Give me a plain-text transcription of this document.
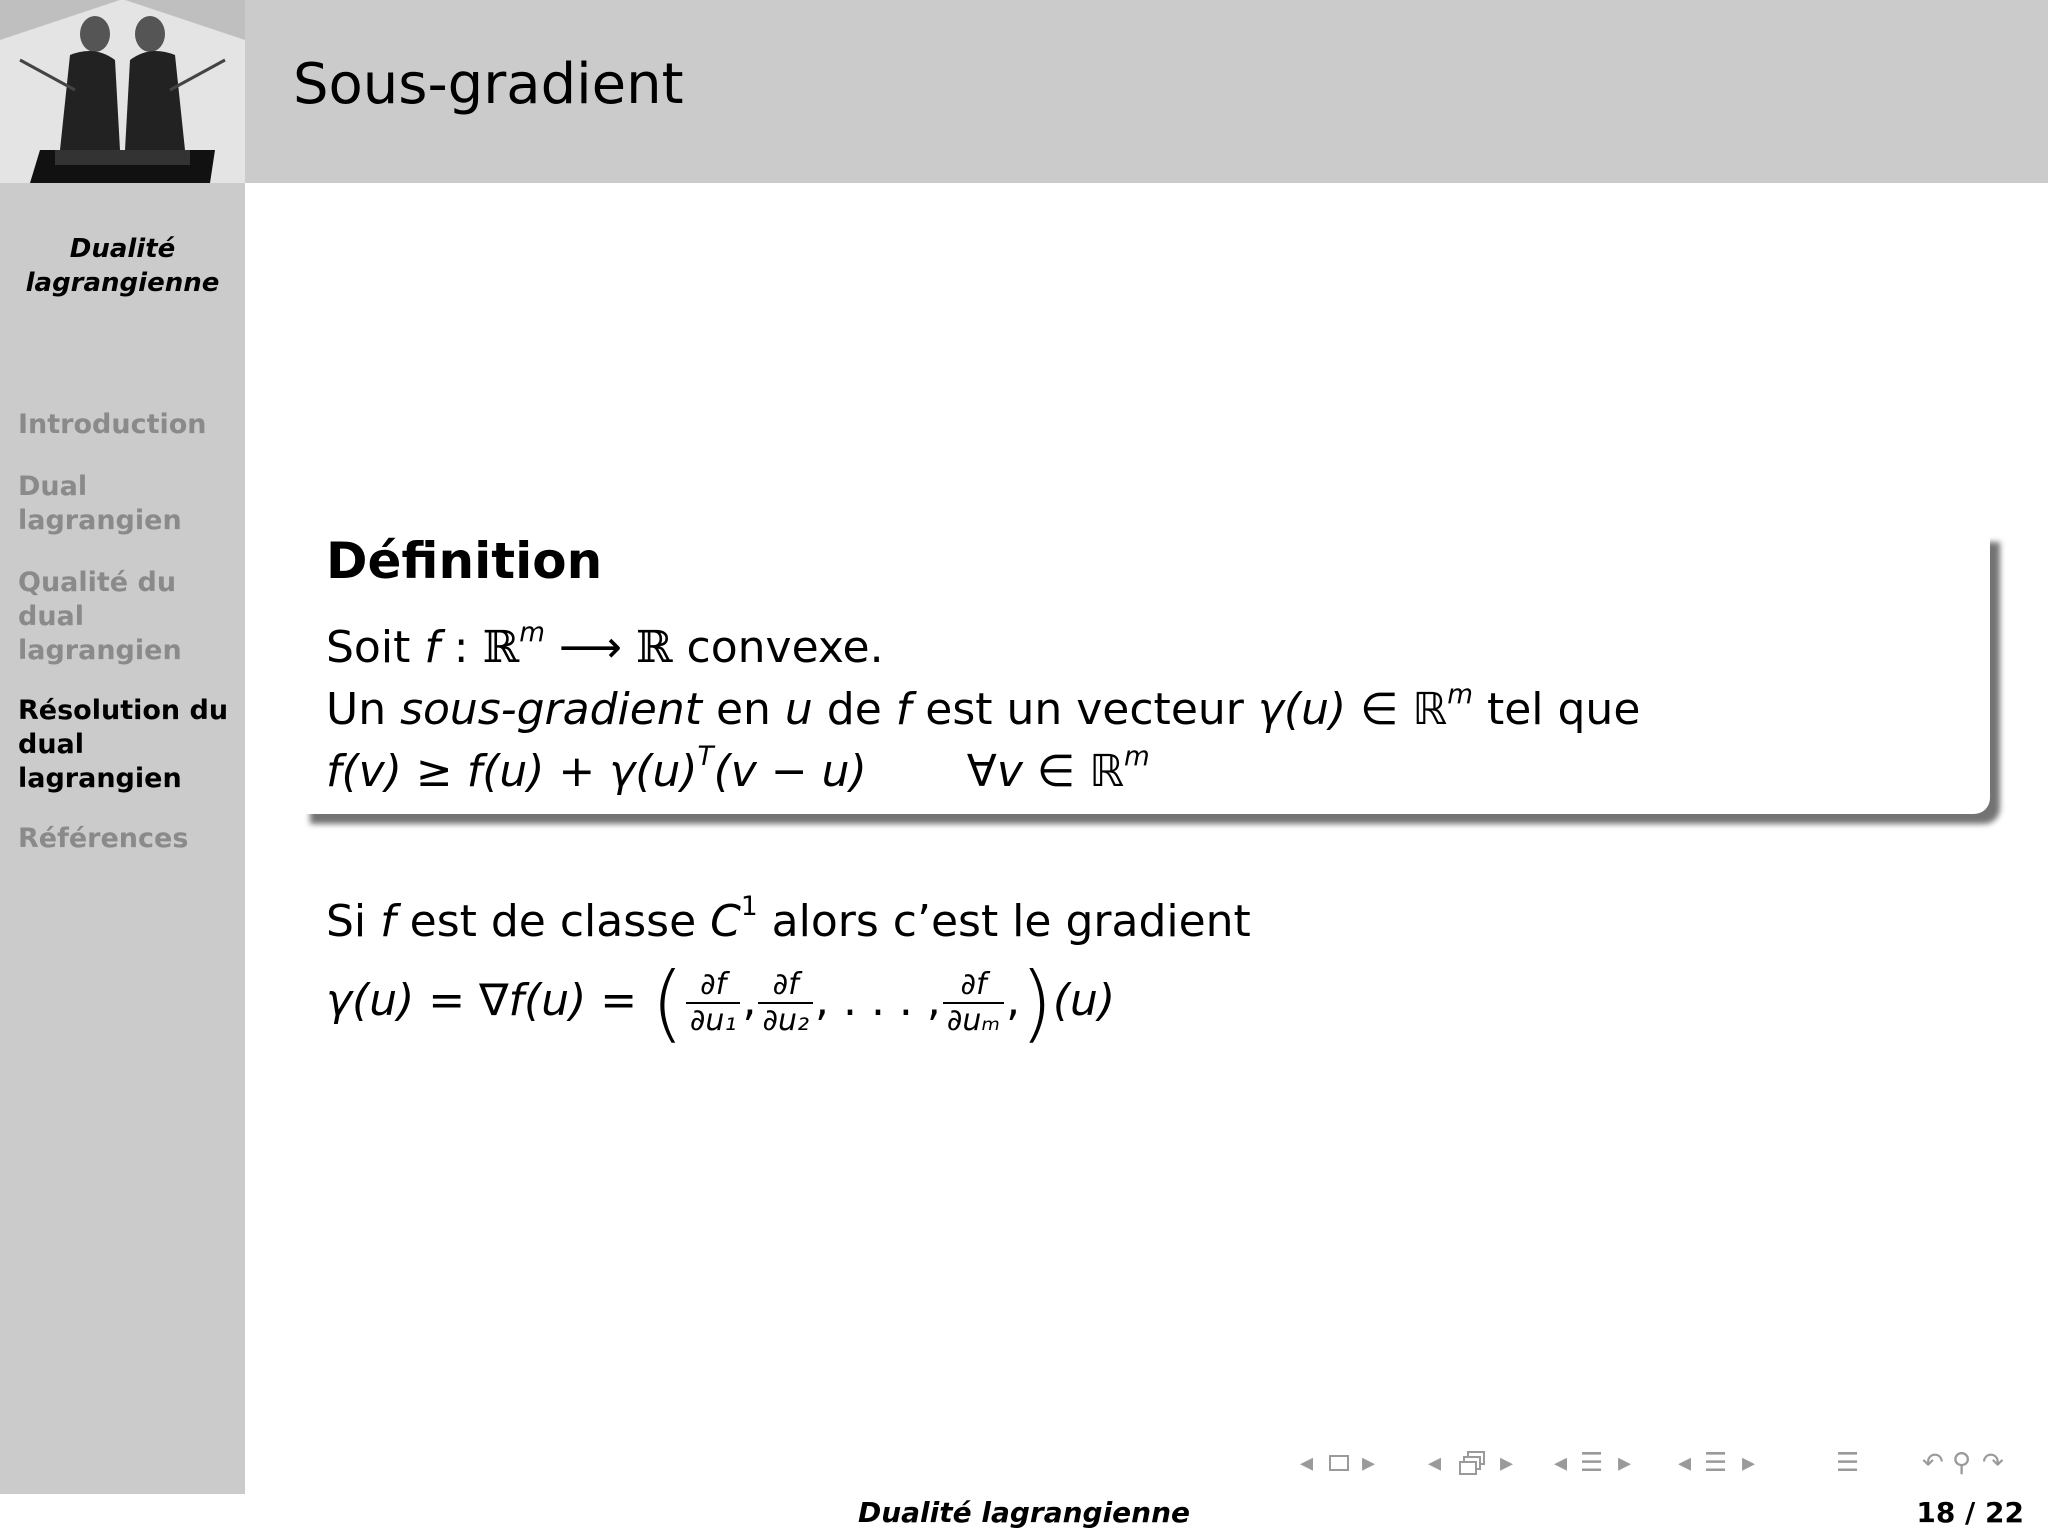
Dualité
lagrangienne
Introduction
Dual
lagrangien
Qualité du
dual
lagrangien
Résolution du
dual
lagrangien
Références
Sous-gradient
Définition
Soit f : ℝ$^m$ ⟶ ℝ convexe.
Un sous-gradient en u de f est un vecteur γ(u) ∈ ℝ$^m$ tel que
$f(v) \ge f(u) + \gamma(u)^T(v - u)$ ∀v ∈ ℝ$^m$
Si f est de classe $C^1$ alors c’est le gradient
γ(u) = ∇f(u) = ( $\frac{\partial f}{\text{∂u₁}}$ , $\frac{\partial f}{\text{∂u₂}}$ , . . . , $\frac{\partial f}{\text{∂uₘ}} ,)(u)$
◂ ▸ ◂ ▸ ◂ ☰ ▸ ◂ ☰ ▸	☰ ↶ ⚲ ↷
Dualité lagrangienne	18 / 22
